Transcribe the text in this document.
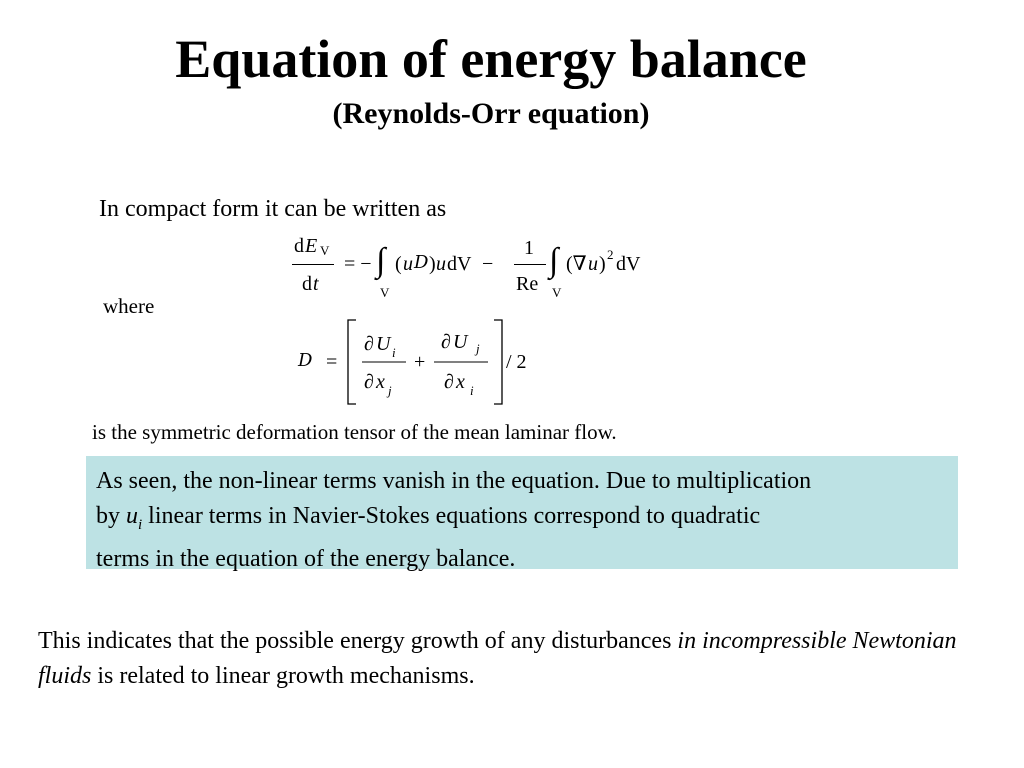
Equation of energy balance
(Reynolds-Orr equation)
In compact form it can be written as
d E V
d t
= − ∫
V
( u D ) u dV −
1
Re
∫
V
(∇ u ) 2 dV
where
D =
∂ U i
∂ x j
+
∂ U j
∂ x i
/ 2
is the symmetric deformation tensor of the mean laminar flow.

As seen, the non-linear terms vanish in the equation. Due to multiplication
by $u_i$ linear terms in Navier-Stokes equations correspond to quadratic
terms in the equation of the energy balance.

This indicates that the possible energy growth of any disturbances in incompressible Newtonian fluids is related to linear growth mechanisms.
